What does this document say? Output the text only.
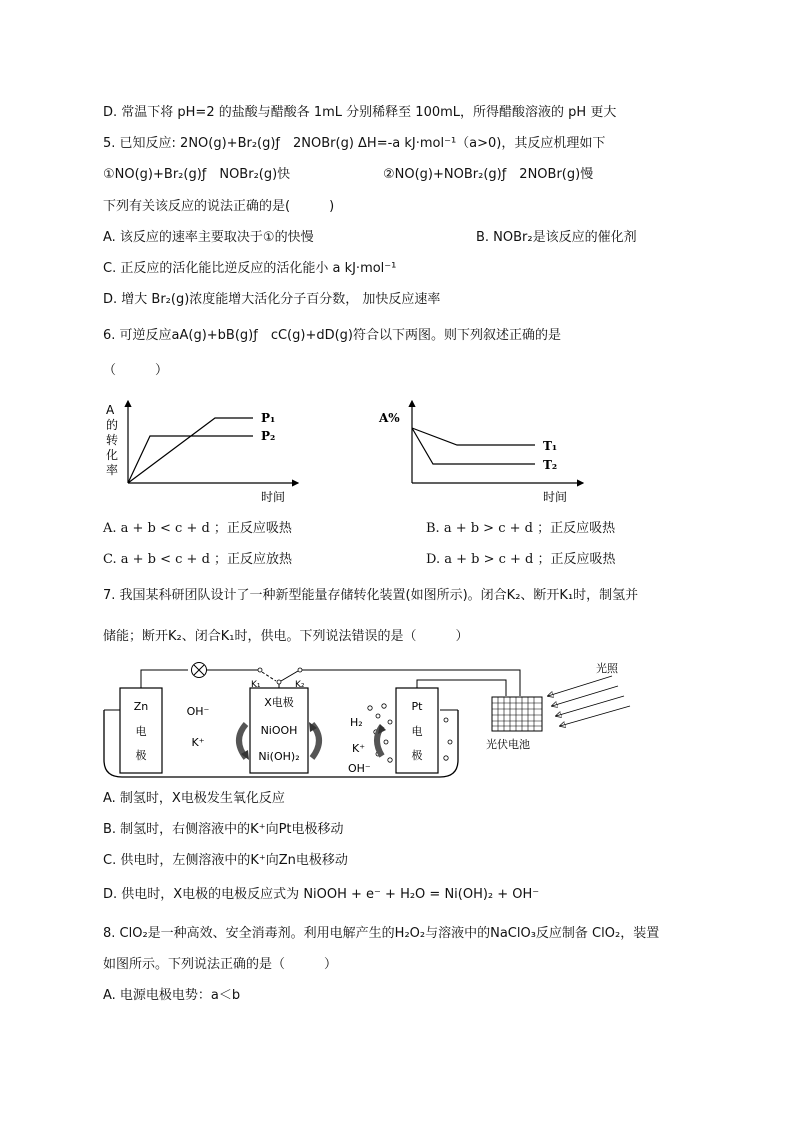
D. 常温下将 pH=2 的盐酸与醋酸各 1mL 分别稀释至 100mL，所得醋酸溶液的 pH 更大
5. 已知反应: 2NO(g)+Br₂(g)ƒ　2NOBr(g) ΔH=-a kJ·mol⁻¹（a>0)，其反应机理如下
①NO(g)+Br₂(g)ƒ　NOBr₂(g)快	②NO(g)+NOBr₂(g)ƒ　2NOBr(g)慢
下列有关该反应的说法正确的是(　　　)
A. 该反应的速率主要取决于①的快慢	B. NOBr₂是该反应的催化剂
C. 正反应的活化能比逆反应的活化能小 a kJ·mol⁻¹
D. 增大 Br₂(g)浓度能增大活化分子百分数， 加快反应速率
6. 可逆反应aA(g)+bB(g)ƒ　cC(g)+dD(g)符合以下两图。则下列叙述正确的是
（　　　）
A
的
转
化
率
P₁
P₂
时间
A%
T₁
T₂
时间
A. a + b < c + d ；正反应吸热	B. a + b > c + d ；正反应吸热
C. a + b < c + d ；正反应放热	D. a + b > c + d ；正反应吸热
7. 我国某科研团队设计了一种新型能量存储转化装置(如图所示)。闭合K₂、断开K₁时，制氢并
储能；断开K₂、闭合K₁时，供电。下列说法错误的是（　　　）
Zn
电
极
OH⁻
K⁺
X电极
NiOOH
Ni(OH)₂
Pt
电
极
H₂
K⁺
OH⁻
K₁	K₂
光伏电池
光照
A. 制氢时，X电极发生氧化反应
B. 制氢时，右侧溶液中的K⁺向Pt电极移动
C. 供电时，左侧溶液中的K⁺向Zn电极移动
D. 供电时，X电极的电极反应式为 NiOOH + e⁻ + H₂O = Ni(OH)₂ + OH⁻
8. ClO₂是一种高效、安全消毒剂。利用电解产生的H₂O₂与溶液中的NaClO₃反应制备 ClO₂，装置
如图所示。下列说法正确的是（　　　）
A. 电源电极电势：a＜b
